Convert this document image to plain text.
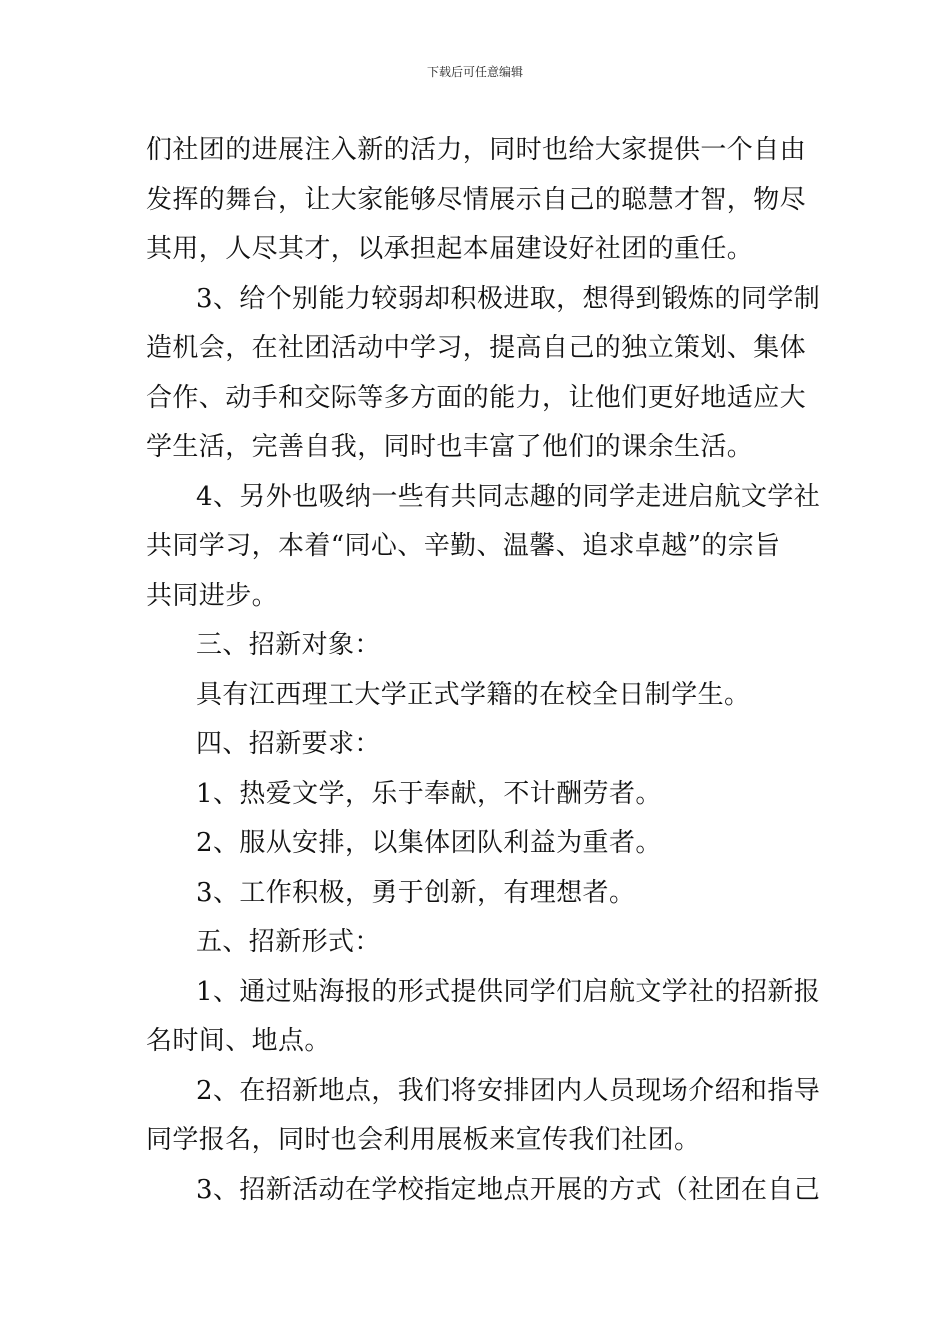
下载后可任意编辑
们社团的进展注入新的活力，同时也给大家提供一个自由
发挥的舞台，让大家能够尽情展示自己的聪慧才智，物尽
其用，人尽其才，以承担起本届建设好社团的重任。
3、给个别能力较弱却积极进取，想得到锻炼的同学制
造机会，在社团活动中学习，提高自己的独立策划、集体
合作、动手和交际等多方面的能力，让他们更好地适应大
学生活，完善自我，同时也丰富了他们的课余生活。
4、另外也吸纳一些有共同志趣的同学走进启航文学社
共同学习，本着“同心、辛勤、温馨、追求卓越”的宗旨
共同进步。
三、招新对象：
具有江西理工大学正式学籍的在校全日制学生。
四、招新要求：
1、热爱文学，乐于奉献，不计酬劳者。
2、服从安排，以集体团队利益为重者。
3、工作积极，勇于创新，有理想者。
五、招新形式：
1、通过贴海报的形式提供同学们启航文学社的招新报
名时间、地点。
2、在招新地点，我们将安排团内人员现场介绍和指导
同学报名，同时也会利用展板来宣传我们社团。
3、招新活动在学校指定地点开展的方式（社团在自己
